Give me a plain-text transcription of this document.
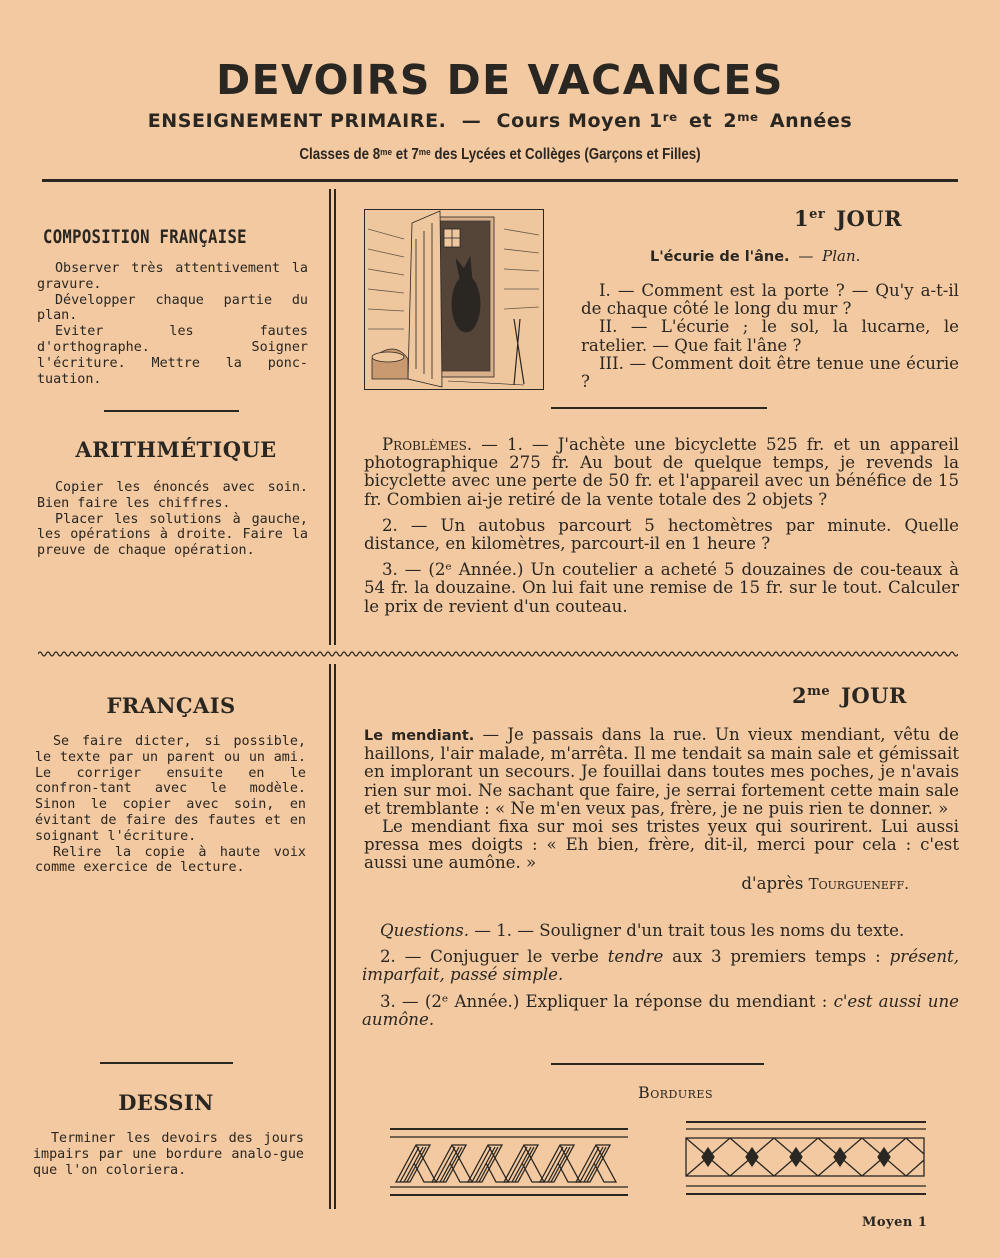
DEVOIRS DE VACANCES
ENSEIGNEMENT PRIMAIRE. — Cours Moyen 1re et $2^{me}$ Années
Classes de $8^{me}$ et $7^{me}$ des Lycées et Collèges (Garçons et Filles)
COMPOSITION FRANÇAISE

Observer très attentivement la gravure.

Développer chaque partie du plan.

Eviter les fautes d'orthographe. Soigner l'écriture. Mettre la ponc-tuation.

ARITHMÉTIQUE

Copier les énoncés avec soin. Bien faire les chiffres.

Placer les solutions à gauche, les opérations à droite. Faire la preuve de chaque opération.

FRANÇAIS

Se faire dicter, si possible, le texte par un parent ou un ami. Le corriger ensuite en le confron-tant avec le modèle. Sinon le copier avec soin, en évitant de faire des fautes et en soignant l'écriture.

Relire la copie à haute voix comme exercice de lecture.

DESSIN

Terminer les devoirs des jours impairs par une bordure analo-gue que l'on coloriera.

1er JOUR
L'écurie de l'âne. — Plan.

I. — Comment est la porte ? — Qu'y a-t-il de chaque côté le long du mur ?

II. — L'écurie ; le sol, la lucarne, le ratelier. — Que fait l'âne ?

III. — Comment doit être tenue une écurie ?

Problèmes. — 1. — J'achète une bicyclette 525 fr. et un appareil photographique 275 fr. Au bout de quelque temps, je revends la bicyclette avec une perte de 50 fr. et l'appareil avec un bénéfice de 15 fr. Combien ai-je retiré de la vente totale des 2 objets ?

2. — Un autobus parcourt 5 hectomètres par minute. Quelle distance, en kilomètres, parcourt-il en 1 heure ?

3. — (2ᵉ Année.) Un coutelier a acheté 5 douzaines de cou-teaux à 54 fr. la douzaine. On lui fait une remise de 15 fr. sur le tout. Calculer le prix de revient d'un couteau.

$2^{me}$ JOUR

Le mendiant. — Je passais dans la rue. Un vieux mendiant, vêtu de haillons, l'air malade, m'arrêta. Il me tendait sa main sale et gémissait en implorant un secours. Je fouillai dans toutes mes poches, je n'avais rien sur moi. Ne sachant que faire, je serrai fortement cette main sale et tremblante : « Ne m'en veux pas, frère, je ne puis rien te donner. »

Le mendiant fixa sur moi ses tristes yeux qui sourirent. Lui aussi pressa mes doigts : « Eh bien, frère, dit-il, merci pour cela : c'est aussi une aumône. »

d'après Tourgueneff.

Questions. — 1. — Souligner d'un trait tous les noms du texte.

2. — Conjuguer le verbe tendre aux 3 premiers temps : présent, imparfait, passé simple.

3. — (2ᵉ Année.) Expliquer la réponse du mendiant : c'est aussi une aumône.

Bordures
Moyen 1
